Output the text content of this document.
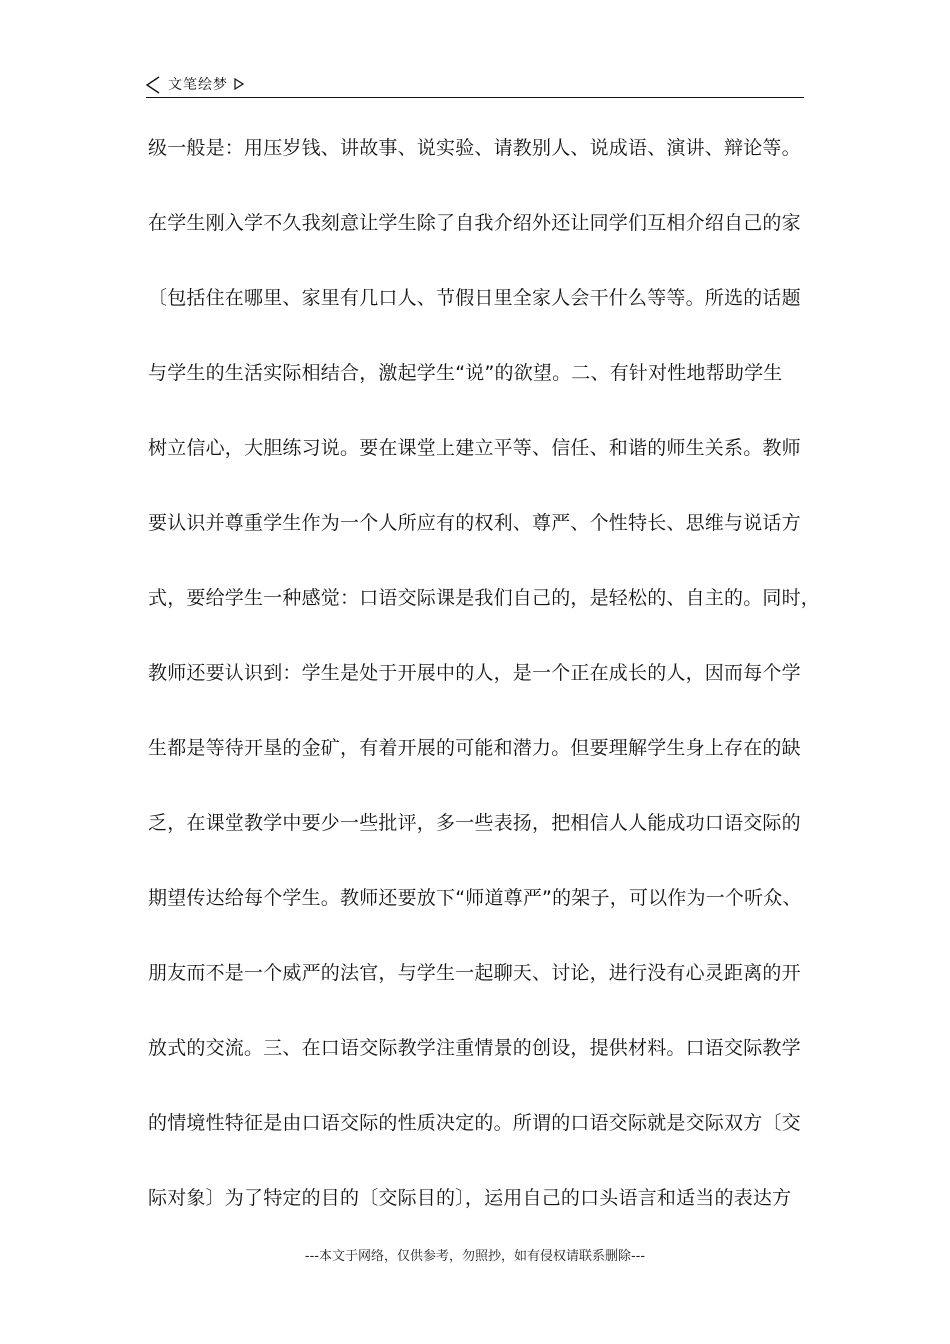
文笔绘梦
级一般是：用压岁钱、讲故事、说实验、请教别人、说成语、演讲、辩论等。
在学生刚入学不久我刻意让学生除了自我介绍外还让同学们互相介绍自己的家
〔包括住在哪里、家里有几口人、节假日里全家人会干什么等等。所选的话题
与学生的生活实际相结合，激起学生“说”的欲望。二、有针对性地帮助学生
树立信心，大胆练习说。要在课堂上建立平等、信任、和谐的师生关系。教师
要认识并尊重学生作为一个人所应有的权利、尊严、个性特长、思维与说话方
式，要给学生一种感觉：口语交际课是我们自己的，是轻松的、自主的。同时，
教师还要认识到：学生是处于开展中的人，是一个正在成长的人，因而每个学
生都是等待开垦的金矿，有着开展的可能和潜力。但要理解学生身上存在的缺
乏，在课堂教学中要少一些批评，多一些表扬，把相信人人能成功口语交际的
期望传达给每个学生。教师还要放下“师道尊严”的架子，可以作为一个听众、
朋友而不是一个威严的法官，与学生一起聊天、讨论，进行没有心灵距离的开
放式的交流。三、在口语交际教学注重情景的创设，提供材料。口语交际教学
的情境性特征是由口语交际的性质决定的。所谓的口语交际就是交际双方〔交
际对象〕为了特定的目的〔交际目的〕，运用自己的口头语言和适当的表达方
---本文于网络，仅供参考，勿照抄，如有侵权请联系删除---
